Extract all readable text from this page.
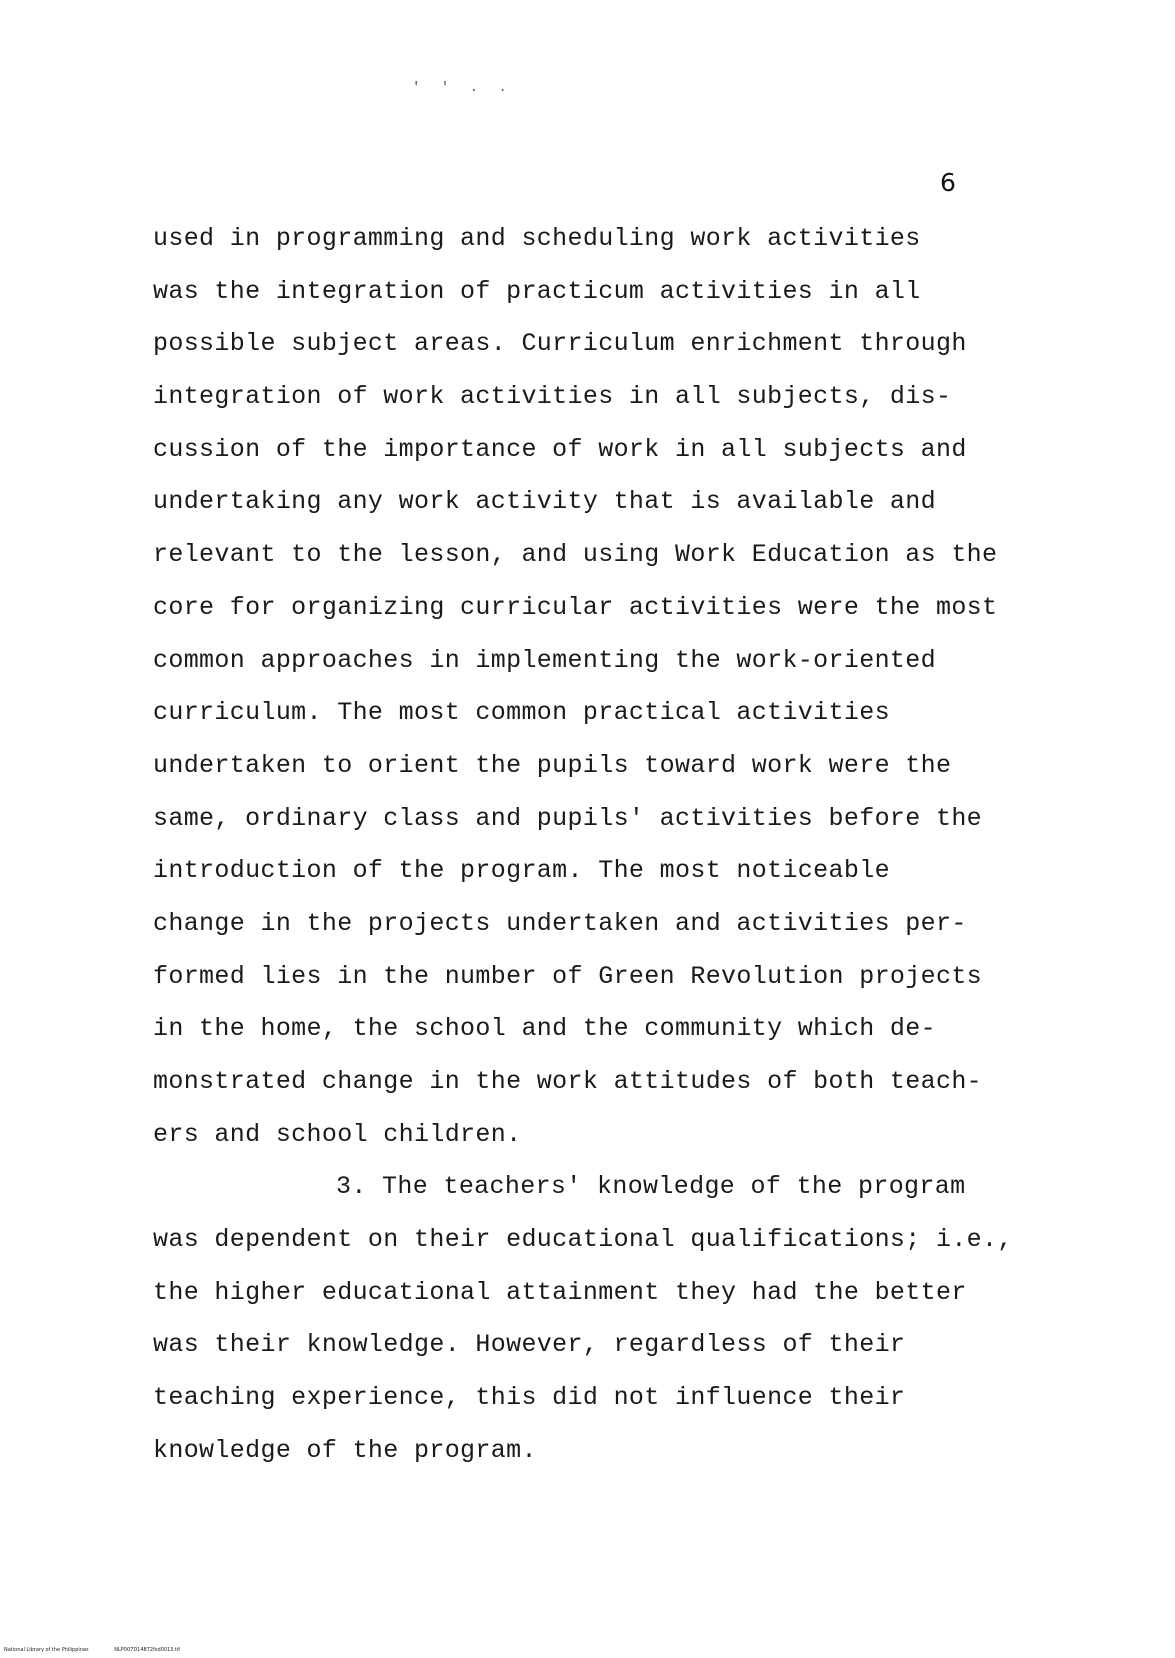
' ' . .
6
used in programming and scheduling work activities
was the integration of practicum activities in all
possible subject areas. Curriculum enrichment through
integration of work activities in all subjects, dis-
cussion of the importance of work in all subjects and
undertaking any work activity that is available and
relevant to the lesson, and using Work Education as the
core for organizing curricular activities were the most
common approaches in implementing the work-oriented
curriculum. The most common practical activities
undertaken to orient the pupils toward work were the
same, ordinary class and pupils' activities before the
introduction of the program. The most noticeable
change in the projects undertaken and activities per-
formed lies in the number of Green Revolution projects
in the home, the school and the community which de-
monstrated change in the work attitudes of both teach-
ers and school children.
3. The teachers' knowledge of the program
was dependent on their educational qualifications; i.e.,
the higher educational attainment they had the better
was their knowledge. However, regardless of their
teaching experience, this did not influence their
knowledge of the program.
National Library of the Philippines	NLP007D14872fsd0013.tif
